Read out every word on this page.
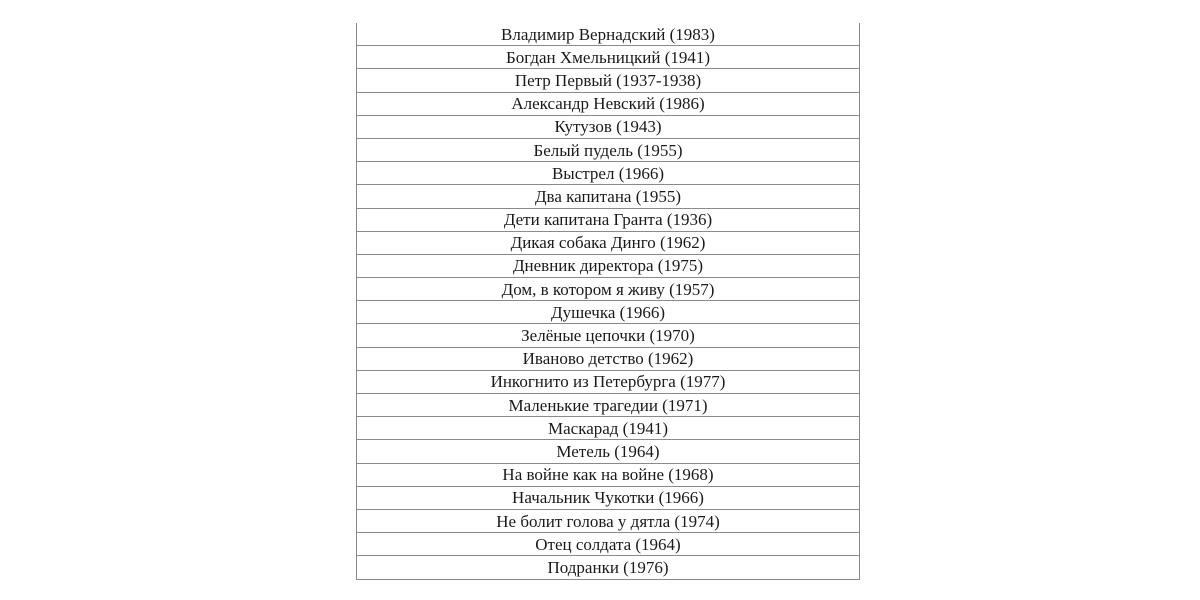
Владимир Вернадский (1983)
Богдан Хмельницкий (1941)
Петр Первый (1937-1938)
Александр Невский (1986)
Кутузов (1943)
Белый пудель (1955)
Выстрел (1966)
Два капитана (1955)
Дети капитана Гранта (1936)
Дикая собака Динго (1962)
Дневник директора (1975)
Дом, в котором я живу (1957)
Душечка (1966)
Зелёные цепочки (1970)
Иваново детство (1962)
Инкогнито из Петербурга (1977)
Маленькие трагедии (1971)
Маскарад (1941)
Метель (1964)
На войне как на войне (1968)
Начальник Чукотки (1966)
Не болит голова у дятла (1974)
Отец солдата (1964)
Подранки (1976)
